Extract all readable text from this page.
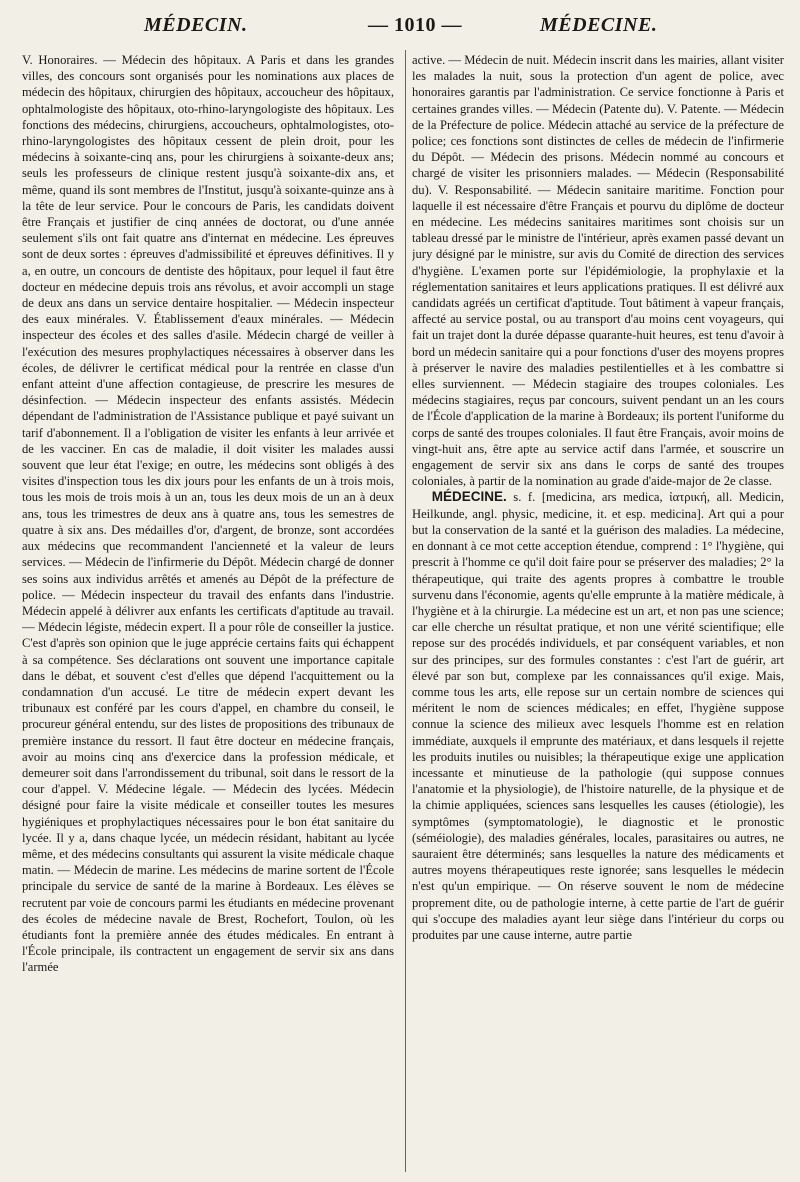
MÉDECIN.	— 1010 —	MÉDECINE.

V. Honoraires. — Médecin des hôpitaux. A Paris et dans les grandes villes, des concours sont organisés pour les nominations aux places de médecin des hôpitaux, chirurgien des hôpitaux, accoucheur des hôpitaux, ophtalmologiste des hôpitaux, oto-rhino-laryngologiste des hôpitaux. Les fonctions des médecins, chirurgiens, accoucheurs, ophtalmologistes, oto-rhino-laryngologistes des hôpitaux cessent de plein droit, pour les médecins à soixante-cinq ans, pour les chirurgiens à soixante-deux ans; seuls les professeurs de clinique restent jusqu'à soixante-dix ans, et même, quand ils sont membres de l'Institut, jusqu'à soixante-quinze ans à la tête de leur service. Pour le concours de Paris, les candidats doivent être Français et justifier de cinq années de doctorat, ou d'une année seulement s'ils ont fait quatre ans d'internat en médecine. Les épreuves sont de deux sortes : épreuves d'admissibilité et épreuves définitives. Il y a, en outre, un concours de dentiste des hôpitaux, pour lequel il faut être docteur en médecine depuis trois ans révolus, et avoir accompli un stage de deux ans dans un service dentaire hospitalier. — Médecin inspecteur des eaux minérales. V. Établissement d'eaux minérales. — Médecin inspecteur des écoles et des salles d'asile. Médecin chargé de veiller à l'exécution des mesures prophylactiques nécessaires à observer dans les écoles, de délivrer le certificat médical pour la rentrée en classe d'un enfant atteint d'une affection contagieuse, de prescrire les mesures de désinfection. — Médecin inspecteur des enfants assistés. Médecin dépendant de l'administration de l'Assistance publique et payé suivant un tarif d'abonnement. Il a l'obligation de visiter les enfants à leur arrivée et de les vacciner. En cas de maladie, il doit visiter les malades aussi souvent que leur état l'exige; en outre, les médecins sont obligés à des visites d'inspection tous les dix jours pour les enfants de un à trois mois, tous les mois de trois mois à un an, tous les deux mois de un an à deux ans, tous les trimestres de deux ans à quatre ans, tous les semestres de quatre à six ans. Des médailles d'or, d'argent, de bronze, sont accordées aux médecins que recommandent l'ancienneté et la valeur de leurs services. — Médecin de l'infirmerie du Dépôt. Médecin chargé de donner ses soins aux individus arrêtés et amenés au Dépôt de la préfecture de police. — Médecin inspecteur du travail des enfants dans l'industrie. Médecin appelé à délivrer aux enfants les certificats d'aptitude au travail. — Médecin légiste, médecin expert. Il a pour rôle de conseiller la justice. C'est d'après son opinion que le juge apprécie certains faits qui échappent à sa compétence. Ses déclarations ont souvent une importance capitale dans le débat, et souvent c'est d'elles que dépend l'acquittement ou la condamnation d'un accusé. Le titre de médecin expert devant les tribunaux est conféré par les cours d'appel, en chambre du conseil, le procureur général entendu, sur des listes de propositions des tribunaux de première instance du ressort. Il faut être docteur en médecine français, avoir au moins cinq ans d'exercice dans la profession médicale, et demeurer soit dans l'arrondissement du tribunal, soit dans le ressort de la cour d'appel. V. Médecine légale. — Médecin des lycées. Médecin désigné pour faire la visite médicale et conseiller toutes les mesures hygiéniques et prophylactiques nécessaires pour le bon état sanitaire du lycée. Il y a, dans chaque lycée, un médecin résidant, habitant au lycée même, et des médecins consultants qui assurent la visite médicale chaque matin. — Médecin de marine. Les médecins de marine sortent de l'École principale du service de santé de la marine à Bordeaux. Les élèves se recrutent par voie de concours parmi les étudiants en médecine provenant des écoles de médecine navale de Brest, Rochefort, Toulon, où les étudiants font la première année des études médicales. En entrant à l'École principale, ils contractent un engagement de servir six ans dans l'armée

active. — Médecin de nuit. Médecin inscrit dans les mairies, allant visiter les malades la nuit, sous la protection d'un agent de police, avec honoraires garantis par l'administration. Ce service fonctionne à Paris et certaines grandes villes. — Médecin (Patente du). V. Patente. — Médecin de la Préfecture de police. Médecin attaché au service de la préfecture de police; ces fonctions sont distinctes de celles de médecin de l'infirmerie du Dépôt. — Médecin des prisons. Médecin nommé au concours et chargé de visiter les prisonniers malades. — Médecin (Responsabilité du). V. Responsabilité. — Médecin sanitaire maritime. Fonction pour laquelle il est nécessaire d'être Français et pourvu du diplôme de docteur en médecine. Les médecins sanitaires maritimes sont choisis sur un tableau dressé par le ministre de l'intérieur, après examen passé devant un jury désigné par le ministre, sur avis du Comité de direction des services d'hygiène. L'examen porte sur l'épidémiologie, la prophylaxie et la réglementation sanitaires et leurs applications pratiques. Il est délivré aux candidats agréés un certificat d'aptitude. Tout bâtiment à vapeur français, affecté au service postal, ou au transport d'au moins cent voyageurs, qui fait un trajet dont la durée dépasse quarante-huit heures, est tenu d'avoir à bord un médecin sanitaire qui a pour fonctions d'user des moyens propres à préserver le navire des maladies pestilentielles et à les combattre si elles surviennent. — Médecin stagiaire des troupes coloniales. Les médecins stagiaires, reçus par concours, suivent pendant un an les cours de l'École d'application de la marine à Bordeaux; ils portent l'uniforme du corps de santé des troupes coloniales. Il faut être Français, avoir moins de vingt-huit ans, être apte au service actif dans l'armée, et souscrire un engagement de servir six ans dans le corps de santé des troupes coloniales, à partir de la nomination au grade d'aide-major de 2e classe.

MÉDECINE. s. f. [medicina, ars medica, ἰατρική, all. Medicin, Heilkunde, angl. physic, medicine, it. et esp. medicina]. Art qui a pour but la conservation de la santé et la guérison des maladies. La médecine, en donnant à ce mot cette acception étendue, comprend : 1° l'hygiène, qui prescrit à l'homme ce qu'il doit faire pour se préserver des maladies; 2° la thérapeutique, qui traite des agents propres à combattre le trouble survenu dans l'économie, agents qu'elle emprunte à la matière médicale, à l'hygiène et à la chirurgie. La médecine est un art, et non pas une science; car elle cherche un résultat pratique, et non une vérité scientifique; elle repose sur des procédés individuels, et par conséquent variables, et non sur des principes, sur des formules constantes : c'est l'art de guérir, art élevé par son but, complexe par les connaissances qu'il exige. Mais, comme tous les arts, elle repose sur un certain nombre de sciences qui méritent le nom de sciences médicales; en effet, l'hygiène suppose connue la science des milieux avec lesquels l'homme est en relation immédiate, auxquels il emprunte des matériaux, et dans lesquels il rejette les produits inutiles ou nuisibles; la thérapeutique exige une application incessante et minutieuse de la pathologie (qui suppose connues l'anatomie et la physiologie), de l'histoire naturelle, de la physique et de la chimie appliquées, sciences sans lesquelles les causes (étiologie), les symptômes (symptomatologie), le diagnostic et le pronostic (séméiologie), des maladies générales, locales, parasitaires ou autres, ne sauraient être déterminés; sans lesquelles la nature des médicaments et autres moyens thérapeutiques reste ignorée; sans lesquelles le médecin n'est qu'un empirique. — On réserve souvent le nom de médecine proprement dite, ou de pathologie interne, à cette partie de l'art de guérir qui s'occupe des maladies ayant leur siège dans l'intérieur du corps ou produites par une cause interne, autre partie
